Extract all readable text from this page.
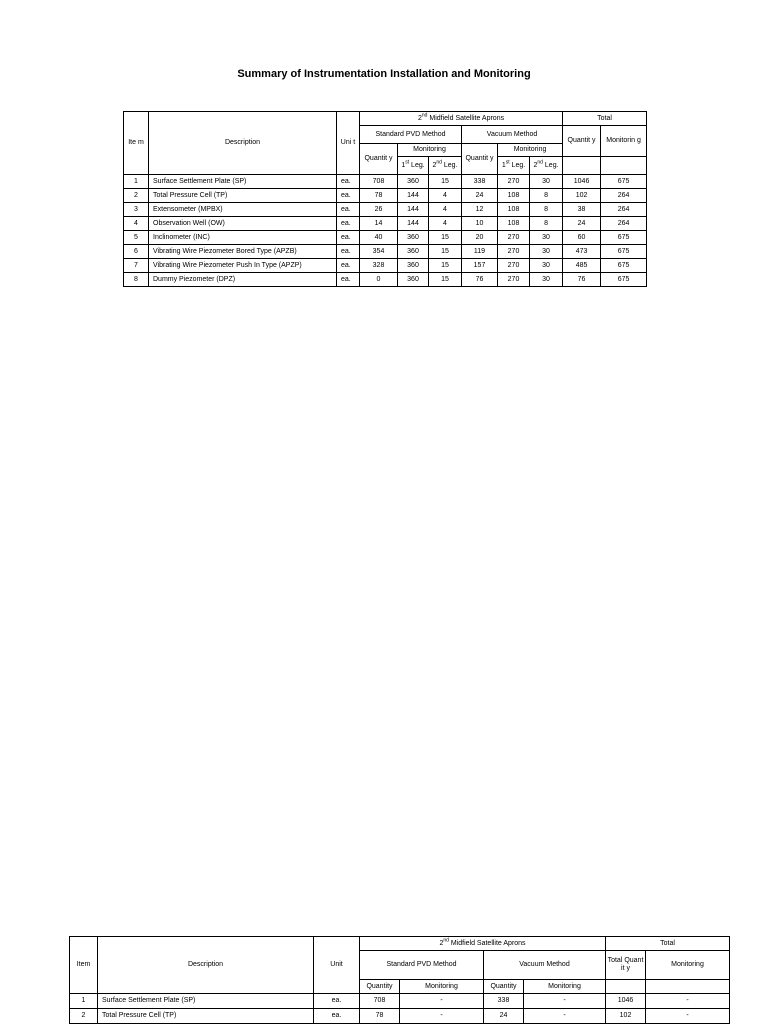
Summary of Instrumentation Installation and Monitoring
Ite m	Description	Uni t	2nd Midfield Satellite Aprons						Total	
			Standard PVD Method			Vacuum Method			Quantit y	Monitorin g
			Quantit y	Monitoring		Quantit y	Monitoring			
				1st Leg.	2nd Leg.		1st Leg.	2nd Leg.		
1	Surface Settlement Plate (SP)	ea.	708	360	15	338	270	30	1046	675
2	Total Pressure Cell (TP)	ea.	78	144	4	24	108	8	102	264
3	Extensometer (MPBX)	ea.	26	144	4	12	108	8	38	264
4	Observation Well (OW)	ea.	14	144	4	10	108	8	24	264
5	Inclinometer (INC)	ea.	40	360	15	20	270	30	60	675
6	Vibrating Wire Piezometer Bored Type (APZB)	ea.	354	360	15	119	270	30	473	675
7	Vibrating Wire Piezometer Push In Type (APZP)	ea.	328	360	15	157	270	30	485	675
8	Dummy Piezometer (DPZ)	ea.	0	360	15	76	270	30	76	675
Item	Description	Unit	2nd Midfield Satellite Aprons				Total	
			Standard PVD Method		Vacuum Method		Total Quantit y	Monitoring
			Quantity	Monitoring	Quantity	Monitoring		
1	Surface Settlement Plate (SP)	ea.	708	-	338	-	1046	-
2	Total Pressure Cell (TP)	ea.	78	-	24	-	102	-
